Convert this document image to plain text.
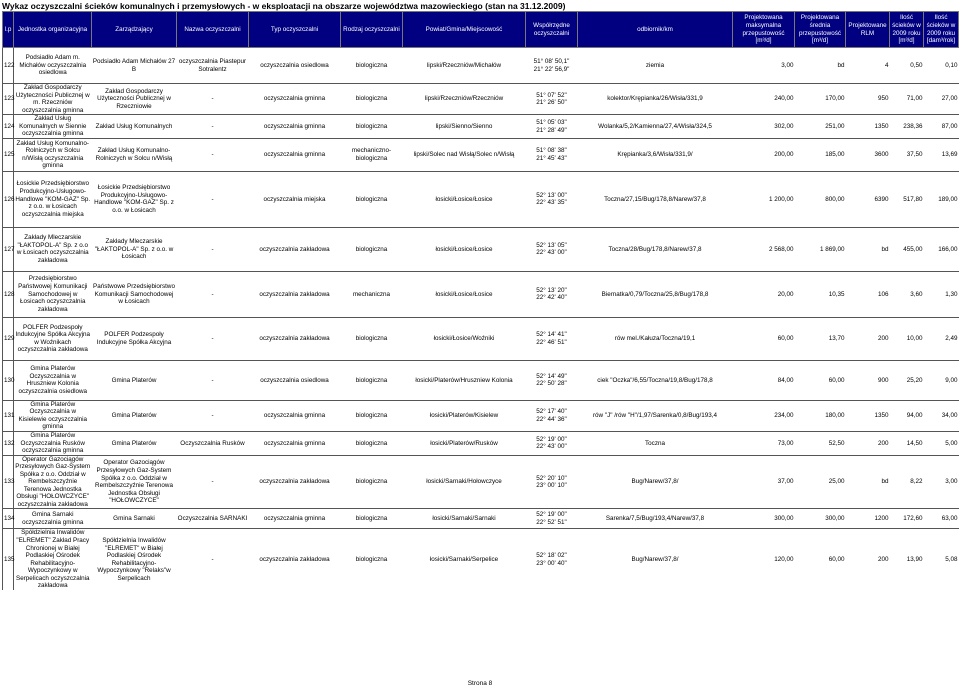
Wykaz oczyszczalni ścieków komunalnych i przemysłowych - w eksploatacji na obszarze województwa mazowieckiego (stan na 31.12.2009)
l.p	Jednostka organizacyjna	Zarządzający	Nazwa oczyszczalni	Typ oczyszczalni	Rodzaj oczyszczalni	Powiat/Gmina/Miejscowość	Współrzędne oczyszczalni	odbiornik/km	Projektowana maksymalna przepustowość [m³/d]	Projektowana średnia przepustowość [m³/d]	Projektowane RLM	Ilość ścieków w 2009 roku [m³/d]	Ilość ścieków w 2009 roku [dam³/rok]
122	Podsiadło Adam m. Michałów oczyszczalnia osiedlowa	Podsiadło Adam Michałów 27 B	oczyszczalnia Piastepur Sotralentz	oczyszczalnia osiedlowa	biologiczna	lipski/Rzeczniów/Michałów	51° 08' 50,1"
21° 22' 56,9"	ziemia	3,00	bd	4	0,50	0,10
123	Zakład Gospodarczy Użyteczności Publicznej w m. Rzeczniów oczyszczalnia gminna	Zakład Gospodarczy Użyteczności Publicznej w Rzeczniowie	-	oczyszczalnia gminna	biologiczna	lipski/Rzeczniów/Rzeczniów	51° 07' 52"
21° 26' 50"	kolektor/Krępianka/26/Wisła/331,9	240,00	170,00	950	71,00	27,00
124	Zakład Usług Komunalnych w Siennie oczyszczalnia gminna	Zakład Usług Komunalnych	-	oczyszczalnia gminna	biologiczna	lipski/Sienno/Sienno	51° 05' 03"
21° 28' 49"	Wolanka/5,2/Kamienna/27,4/Wisła/324,5	302,00	251,00	1350	238,36	87,00
125	Zakład Usług Komunalno-Rolniczych w Solcu n/Wisłą oczyszczalnia gminna	Zakład Usług Komunalno-Rolniczych w Solcu n/Wisłą	-	oczyszczalnia gminna	mechaniczno-biologiczna	lipski/Solec nad Wisłą/Solec n/Wisłą	51° 08' 38"
21° 45' 43"	Krępianka/3,6/Wisła/331,9/	200,00	185,00	3600	37,50	13,69
126	Łosickie Przedsiębiorstwo Produkcyjno-Usługowo-Handlowe "KOM-GAZ" Sp. z o.o. w Łosicach oczyszczalnia miejska	Łosickie Przedsiębiorstwo Produkcyjno-Usługowo-Handlowe "KOM-GAZ" Sp. z o.o. w Łosicach	-	oczyszczalnia miejska	biologiczna	łosicki/Łosice/Łosice	52° 13' 00"
22° 43' 35"	Toczna/27,15/Bug/178,8/Narew/37,8	1 200,00	800,00	6390	517,80	189,00
127	Zakłady Mleczarskie "ŁAKTOPOL-A" Sp. z o.o w Łosicach oczyszczalnia zakładowa	Zakłady Mleczarskie "ŁAKTOPOL-A" Sp. z o.o. w Łosicach	-	oczyszczalnia zakładowa	biologiczna	łosicki/Łosice/Łosice	52° 13' 05"
22° 43' 00"	Toczna/28/Bug/178,8/Narew/37,8	2 568,00	1 869,00	bd	455,00	166,00
128	Przedsiębiorstwo Państwowej Komunikacji Samochodowej w Łosicach oczyszczalnia zakładowa	Państwowe Przedsiębiorstwo Komunikacji Samochodowej w Łosicach	-	oczyszczalnia zakładowa	mechaniczna	łosicki/Łosice/Łosice	52° 13' 20"
22° 42' 40"	Biernatka/0,79/Toczna/25,8/Bug/178,8	20,00	10,35	106	3,60	1,30
129	POLFER Podzespoły Indukcyjne Spółka Akcyjna w Woźnikach oczyszczalnia zakładowa	POLFER Podzespoły Indukcyjne Spółka Akcyjna	-	oczyszczalnia zakładowa	biologiczna	łosicki/Łosice/Woźniki	52° 14' 41"
22° 46' 51"	rów mel./Kałuza/Toczna/19,1	60,00	13,70	200	10,00	2,49
130	Gmina Platerów Oczyszczalnia w Hruszniew Kolonia oczyszczalnia osiedlowa	Gmina Platerów	-	oczyszczalnia osiedlowa	biologiczna	łosicki/Platerów/Hruszniew Kolonia	52° 14' 49"
22° 50' 28"	ciek "Oczka"/6,55/Toczna/19,8/Bug/178,8	84,00	60,00	900	25,20	9,00
131	Gmina Platerów Oczyszczalnia w Kisielewie oczyszczalnia gminna	Gmina Platerów	-	oczyszczalnia gminna	biologiczna	łosicki/Platerów/Kisielew	52° 17' 40"
22° 44' 36"	rów "J" /rów "H"/1,97/Sarenka/0,8/Bug/193,4	234,00	180,00	1350	94,00	34,00
132	Gmina Platerów Oczyszczalnia Rusków oczyszczalnia gminna	Gmina Platerów	Oczyszczalnia Rusków	oczyszczalnia gminna	biologiczna	łosicki/Platerów/Rusków	52° 19' 00"
22° 43' 00"	Toczna	73,00	52,50	200	14,50	5,00
133	Operator Gazociągów Przesyłowych Gaz-System Spółka z o.o. Oddział w Rembelszczyźnie Terenowa Jednostka Obsługi "HOŁOWCZYCE" oczyszczalnia zakładowa	Operator Gazociągów Przesyłowych Gaz-System Spółka z o.o. Oddział w Rembelszczyźnie Terenowa Jednostka Obsługi "HOŁOWCZYCE"	-	oczyszczalnia zakładowa	biologiczna	łosicki/Sarnaki/Hołowczyce	52° 20' 10"
23° 00' 10"	Bug/Narew/37,8/	37,00	25,00	bd	8,22	3,00
134	Gmina Sarnaki oczyszczalnia gminna	Gmina Sarnaki	Oczyszczalnia SARNAKI	oczyszczalnia gminna	biologiczna	łosicki/Sarnaki/Sarnaki	52° 19' 00"
22° 52' 51"	Sarenka/7,5/Bug/193,4/Narew/37,8	300,00	300,00	1200	172,60	63,00
135	Spółdzielnia Inwalidów "ELREMET" Zakład Pracy Chronionej w Białej Podlaskiej Ośrodek Rehabilitacyjno-Wypoczynkowy w Serpelicach oczyszczalnia zakładowa	Spółdzielnia Inwalidów "ELREMET" w Białej Podlaskiej Ośrodek Rehabilitacyjno-Wypoczynkowy "Relaks"w Serpelicach	-	oczyszczalnia zakładowa	biologiczna	łosicki/Sarnaki/Serpelice	52° 18' 02"
23° 00' 40"	Bug/Narew/37,8/	120,00	60,00	200	13,90	5,08
Strona 8
